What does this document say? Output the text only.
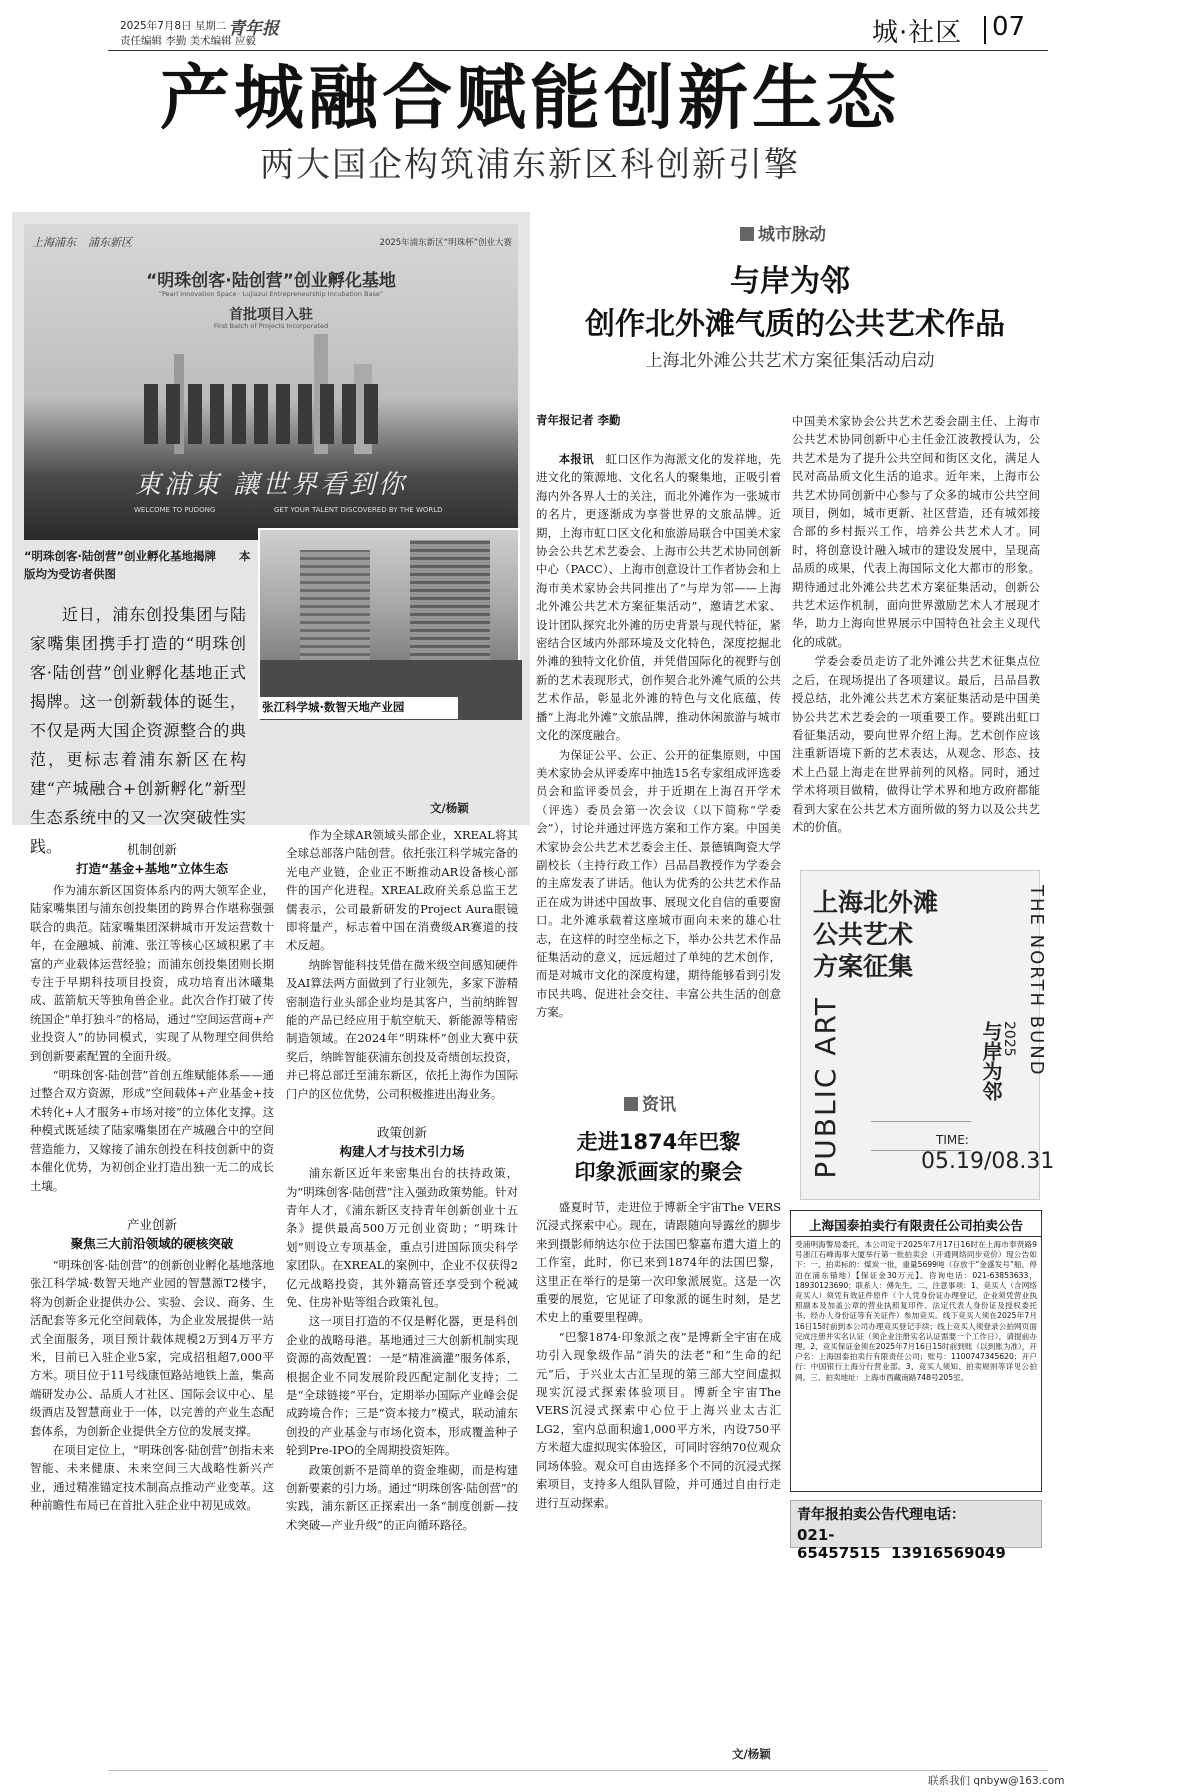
2025年7月8日 星期二
责任编辑 李勤 美术编辑 应毅
青年报	城·社区 07
产城融合赋能创新生态
两大国企构筑浦东新区科创新引擎
上海浦东 浦东新区	2025年浦东新区“明珠杯”创业大赛
“明珠创客·陆创营”创业孵化基地
“Pearl Innovation Space · Lujiazui Entrepreneurship Incubation Base”
首批项目入驻
First Batch of Projects Incorporated
東浦東 讓世界看到你
WELCOME TO PUDONG	GET YOUR TALENT DISCOVERED BY THE WORLD
“明珠创客·陆创营”创业孵化基地揭牌　　本版均为受访者供图
张江科学城·数智天地产业园
近日，浦东创投集团与陆家嘴集团携手打造的“明珠创客·陆创营”创业孵化基地正式揭牌。这一创新载体的诞生，不仅是两大国企资源整合的典范，更标志着浦东新区在构建“产城融合+创新孵化”新型生态系统中的又一次突破性实践。
文/杨颖
机制创新
打造“基金+基地”立体生态

作为浦东新区国资体系内的两大领军企业，陆家嘴集团与浦东创投集团的跨界合作堪称强强联合的典范。陆家嘴集团深耕城市开发运营数十年，在金融城、前滩、张江等核心区域积累了丰富的产业载体运营经验；而浦东创投集团则长期专注于早期科技项目投资，成功培育出沐曦集成、蓝箭航天等独角兽企业。此次合作打破了传统国企“单打独斗”的格局，通过“空间运营商+产业投资人”的协同模式，实现了从物理空间供给到创新要素配置的全面升级。

“明珠创客·陆创营”首创五维赋能体系——通过整合双方资源，形成“空间载体+产业基金+技术转化+人才服务+市场对接”的立体化支撑。这种模式既延续了陆家嘴集团在产城融合中的空间营造能力，又嫁接了浦东创投在科技创新中的资本催化优势，为初创企业打造出独一无二的成长土壤。

产业创新
聚焦三大前沿领域的硬核突破

“明珠创客·陆创营”的创新创业孵化基地落地张江科学城·数智天地产业园的智慧源T2楼宇，将为创新企业提供办公、实验、会议、商务、生活配套等多元化空间载体，为企业发展提供一站式全面服务，项目预计载体规模2万到4万平方米，目前已入驻企业5家，完成招租超7,000平方米。项目位于11号线康恒路站地铁上盖，集高端研发办公、品质人才社区、国际会议中心、星级酒店及智慧商业于一体，以完善的产业生态配套体系，为创新企业提供全方位的发展支撑。

在项目定位上，“明珠创客·陆创营”创指未来智能、未来健康、未来空间三大战略性新兴产业，通过精准锚定技术制高点推动产业变革。这种前瞻性布局已在首批入驻企业中初见成效。

作为全球AR领域头部企业，XREAL将其全球总部落户陆创营。依托张江科学城完备的光电产业链，企业正不断推动AR设备核心部件的国产化进程。XREAL政府关系总监王艺儒表示，公司最新研发的Project Aura眼镜即将量产，标志着中国在消费级AR赛道的技术反超。

纳眸智能科技凭借在微米级空间感知硬件及AI算法两方面做到了行业领先，多家下游精密制造行业头部企业均是其客户，当前纳眸智能的产品已经应用于航空航天、新能源等精密制造领域。在2024年“明珠杯”创业大赛中获奖后，纳眸智能获浦东创投及奇绩创坛投资，并已将总部迁至浦东新区，依托上海作为国际门户的区位优势，公司积极推进出海业务。

政策创新
构建人才与技术引力场

浦东新区近年来密集出台的扶持政策，为“明珠创客·陆创营”注入强劲政策势能。针对青年人才，《浦东新区支持青年创新创业十五条》提供最高500万元创业资助；“明珠计划”则设立专项基金，重点引进国际顶尖科学家团队。在XREAL的案例中，企业不仅获得2亿元战略投资，其外籍高管还享受到个税减免、住房补贴等组合政策礼包。

这一项目打造的不仅是孵化器，更是科创企业的战略母港。基地通过三大创新机制实现资源的高效配置：一是“精准滴灌”服务体系，根据企业不同发展阶段匹配定制化支持；二是“全球链接”平台，定期举办国际产业峰会促成跨境合作；三是“资本接力”模式，联动浦东创投的产业基金与市场化资本，形成覆盖种子轮到Pre-IPO的全周期投资矩阵。

政策创新不是简单的资金堆砌，而是构建创新要素的引力场。通过“明珠创客·陆创营”的实践，浦东新区正探索出一条“制度创新—技术突破—产业升级”的正向循环路径。

城市脉动
与岸为邻
创作北外滩气质的公共艺术作品
上海北外滩公共艺术方案征集活动启动
青年报记者 李勤

本报讯　 虹口区作为海派文化的发祥地，先进文化的策源地、文化名人的聚集地，正吸引着海内外各界人士的关注，而北外滩作为一张城市的名片，更逐渐成为享誉世界的文旅品牌。近期，上海市虹口区文化和旅游局联合中国美术家协会公共艺术艺委会、上海市公共艺术协同创新中心（PACC）、上海市创意设计工作者协会和上海市美术家协会共同推出了“与岸为邻——上海北外滩公共艺术方案征集活动”，邀请艺术家、设计团队探究北外滩的历史背景与现代特征，紧密结合区域内外部环境及文化特色，深度挖掘北外滩的独特文化价值，并凭借国际化的视野与创新的艺术表现形式，创作契合北外滩气质的公共艺术作品，彰显北外滩的特色与文化底蕴，传播“上海北外滩”文旅品牌，推动休闲旅游与城市文化的深度融合。

为保证公平、公正、公开的征集原则，中国美术家协会从评委库中抽选15名专家组成评选委员会和监评委员会，并于近期在上海召开学术（评选）委员会第一次会议（以下简称“学委会”），讨论并通过评选方案和工作方案。中国美术家协会公共艺术艺委会主任、景德镇陶瓷大学副校长（主持行政工作）吕品昌教授作为学委会的主席发表了讲话。他认为优秀的公共艺术作品正在成为讲述中国故事、展现文化自信的重要窗口。北外滩承载着这座城市面向未来的雄心壮志，在这样的时空坐标之下，举办公共艺术作品征集活动的意义，远远超过了单纯的艺术创作，而是对城市文化的深度构建，期待能够看到引发市民共鸣、促进社会交往、丰富公共生活的创意方案。

中国美术家协会公共艺术艺委会副主任、上海市公共艺术协同创新中心主任金江波教授认为，公共艺术是为了提升公共空间和街区文化，满足人民对高品质文化生活的追求。近年来，上海市公共艺术协同创新中心参与了众多的城市公共空间项目，例如，城市更新、社区营造，还有城郊接合部的乡村振兴工作，培养公共艺术人才。同时，将创意设计融入城市的建设发展中，呈现高品质的成果，代表上海国际文化大都市的形象。期待通过北外滩公共艺术方案征集活动，创新公共艺术运作机制，面向世界激励艺术人才展现才华，助力上海向世界展示中国特色社会主义现代化的成就。

学委会委员走访了北外滩公共艺术征集点位之后，在现场提出了各项建议。最后，吕品昌教授总结，北外滩公共艺术方案征集活动是中国美协公共艺术艺委会的一项重要工作。要跳出虹口看征集活动，要向世界介绍上海。艺术创作应该注重新语境下新的艺术表达，从观念、形态、技术上凸显上海走在世界前列的风格。同时，通过学术将项目做精，做得让学术界和地方政府都能看到大家在公共艺术方面所做的努力以及公共艺术的价值。

上海北外滩
公共艺术
方案征集	THE NORTH BUND
2025
与岸为邻
PUBLIC ART	TIME:
05.19/08.31
资讯
走进1874年巴黎
印象派画家的聚会

盛夏时节，走进位于博新全宇宙The VERS沉浸式探索中心。现在，请跟随向导露丝的脚步来到摄影师纳达尔位于法国巴黎嘉布遣大道上的工作室，此时，你已来到1874年的法国巴黎，这里正在举行的是第一次印象派展览。这是一次重要的展览，它见证了印象派的诞生时刻，是艺术史上的重要里程碑。

“巴黎1874·印象派之夜”是博新全宇宙在成功引入现象级作品“消失的法老”和“生命的纪元”后，于兴业太古汇呈现的第三部大空间虚拟现实沉浸式探索体验项目。博新全宇宙The VERS沉浸式探索中心位于上海兴业太古汇LG2，室内总面积逾1,000平方米，内设750平方米超大虚拟现实体验区，可同时容纳70位观众同场体验。观众可自由选择多个不同的沉浸式探索项目，支持多人组队冒险，并可通过自由行走进行互动探索。

文/杨颖
上海国泰拍卖行有限责任公司拍卖公告
受浦明海警局委托，本公司定于2025年7月17日16时在上海市奉贤路9号浙江石峰海事大厦举行第一批拍卖会（开通网络同步竞价）现公告如下：一、拍卖标的：煤炭一批，重量5699吨（存放于“金盛发号”船，停泊在浦东锚地）【保证金30万元】。咨询电话：021-63853633，18930123690；联系人：傅先生。二、注意事项：1、竞买人（含网络竞买人）须凭有效证件原件（个人凭身份证办理登记，企业须凭营业执照副本及加盖公章的营业执照复印件、法定代表人身份证及授权委托书、经办人身份证等有关证件）参加竞买。线下竞买人须在2025年7月16日15时前到本公司办理竞买登记手续；线上竞买人须登录公拍网页面完成注册并实名认证（须企业注册实名认证需要一个工作日），请提前办理。2、竞买保证金须在2025年7月16日15时前到账（以到账为准），开户名：上海国泰拍卖行有限责任公司；账号：1100747345620；开户行：中国银行上海分行营业部。3、竞买人须知、拍卖规则等详见公拍网。三、拍卖地址：上海市西藏南路748号205室。
青年报拍卖公告代理电话：
021-65457515 13916569049
联系我们 qnbyw@163.com
